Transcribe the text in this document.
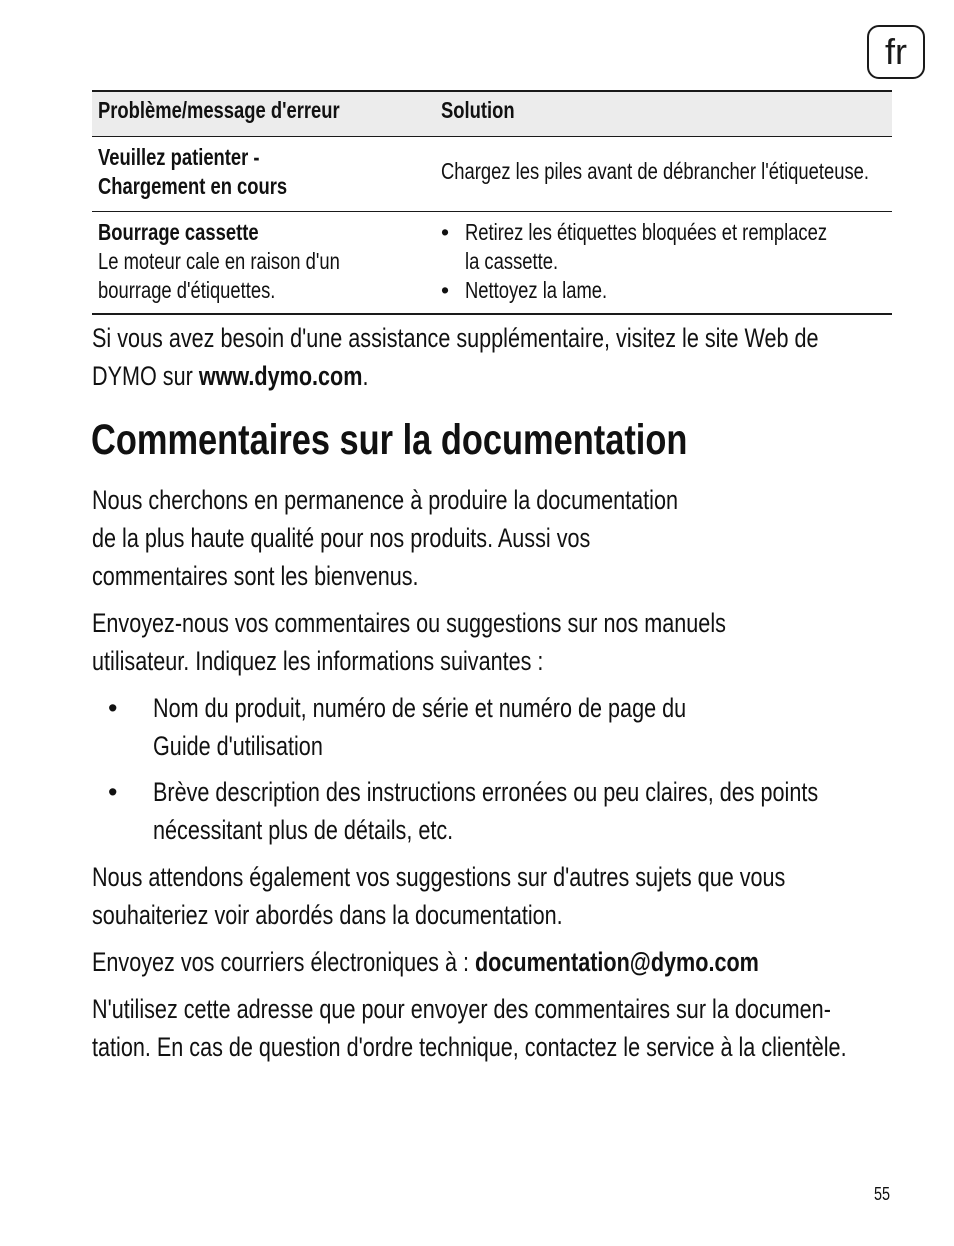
fr
Problème/message d'erreur	Solution
Veuillez patienter -
Chargement en cours
Chargez les piles avant de débrancher l'étiqueteuse.
Bourrage cassette
Le moteur cale en raison d'un
bourrage d'étiquettes.
• Retirez les étiquettes bloquées et remplacez
la cassette.
• Nettoyez la lame.
Si vous avez besoin d'une assistance supplémentaire, visitez le site Web de
DYMO sur www.dymo.com.
Commentaires sur la documentation
Nous cherchons en permanence à produire la documentation
de la plus haute qualité pour nos produits. Aussi vos
commentaires sont les bienvenus.
Envoyez-nous vos commentaires ou suggestions sur nos manuels
utilisateur. Indiquez les informations suivantes :
• Nom du produit, numéro de série et numéro de page du
Guide d'utilisation
• Brève description des instructions erronées ou peu claires, des points
nécessitant plus de détails, etc.
Nous attendons également vos suggestions sur d'autres sujets que vous
souhaiteriez voir abordés dans la documentation.
Envoyez vos courriers électroniques à : documentation@dymo.com
N'utilisez cette adresse que pour envoyer des commentaires sur la documen-
tation. En cas de question d'ordre technique, contactez le service à la clientèle.
55
